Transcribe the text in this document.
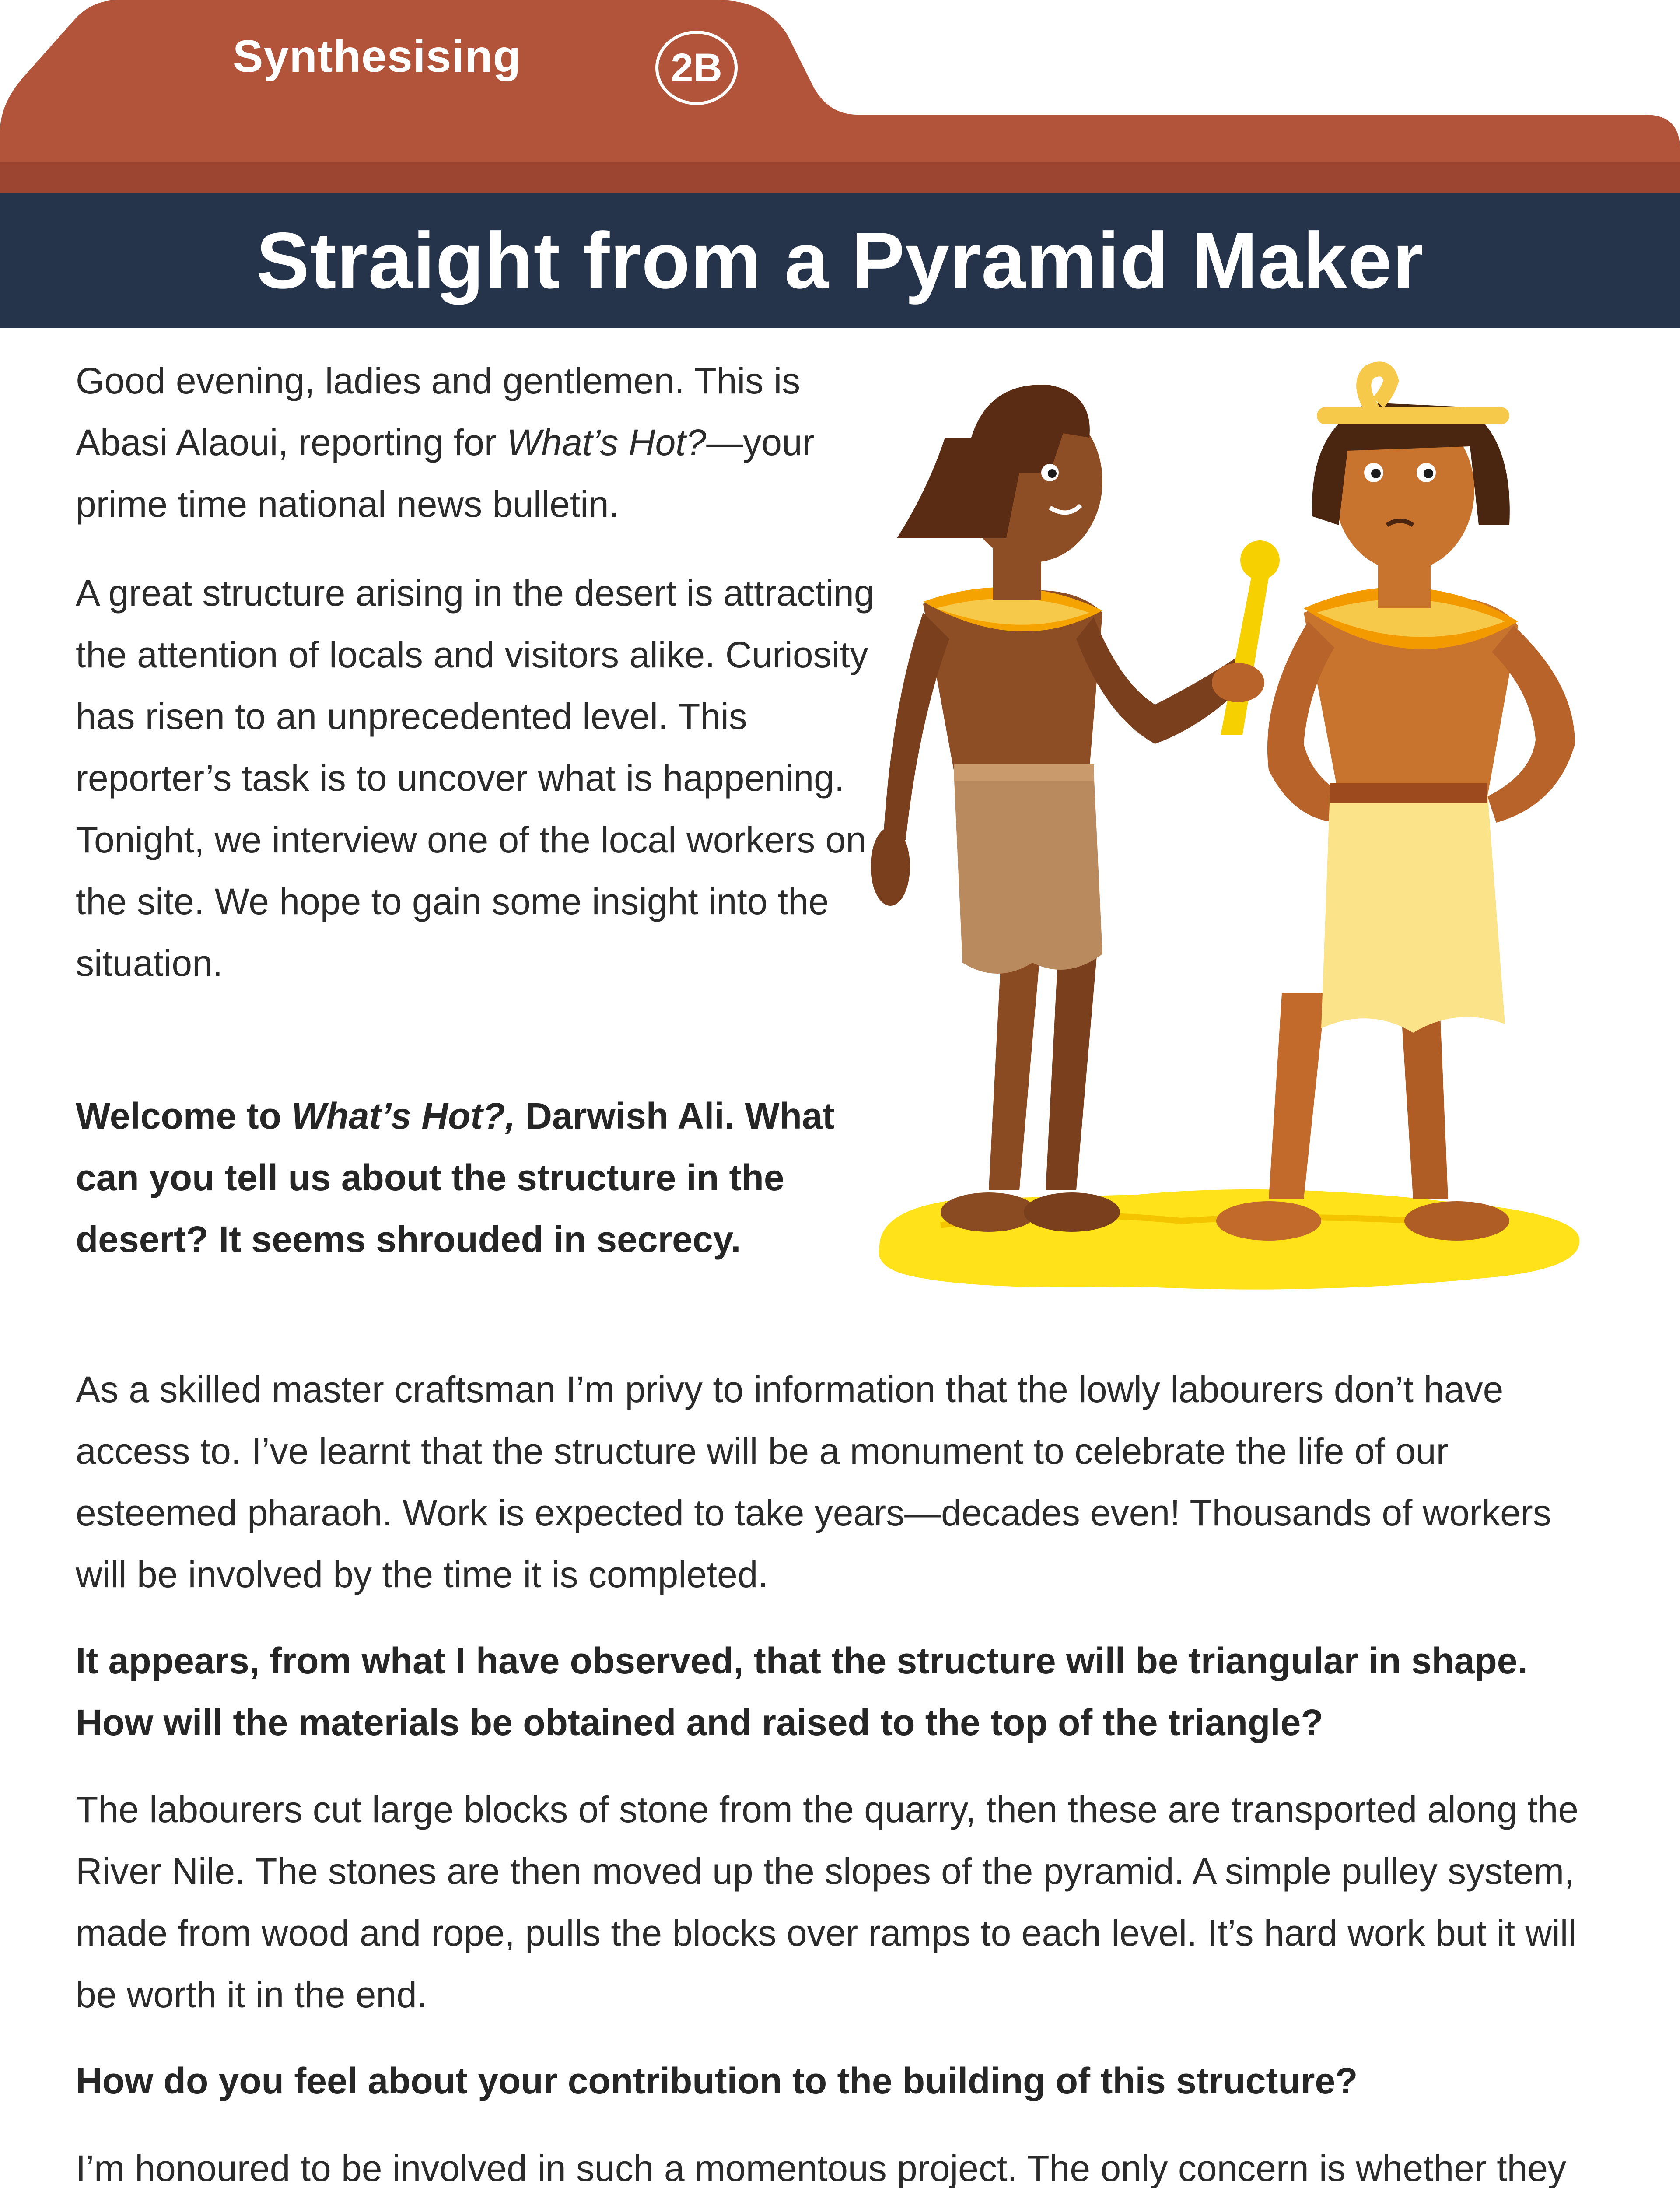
Synthesising	2B
Straight from a Pyramid Maker

Good evening, ladies and gentlemen. This is Abasi Alaoui, reporting for What’s Hot?—your prime time national news bulletin.

A great structure arising in the desert is attracting the attention of locals and visitors alike. Curiosity has risen to an unprecedented level. This reporter’s task is to uncover what is happening. Tonight, we interview one of the local workers on the site. We hope to gain some insight into the situation.

Welcome to What’s Hot?, Darwish Ali. What can you tell us about the structure in the desert? It seems shrouded in secrecy.

As a skilled master craftsman I’m privy to information that the lowly labourers don’t have access to. I’ve learnt that the structure will be a monument to celebrate the life of our esteemed pharaoh. Work is expected to take years—decades even! Thousands of workers will be involved by the time it is completed.

It appears, from what I have observed, that the structure will be triangular in shape. How will the materials be obtained and raised to the top of the triangle?

The labourers cut large blocks of stone from the quarry, then these are transported along the River Nile. The stones are then moved up the slopes of the pyramid. A simple pulley system, made from wood and rope, pulls the blocks over ramps to each level. It’s hard work but it will be worth it in the end.

How do you feel about your contribution to the building of this structure?

I’m honoured to be involved in such a momentous project. The only concern is whether they
